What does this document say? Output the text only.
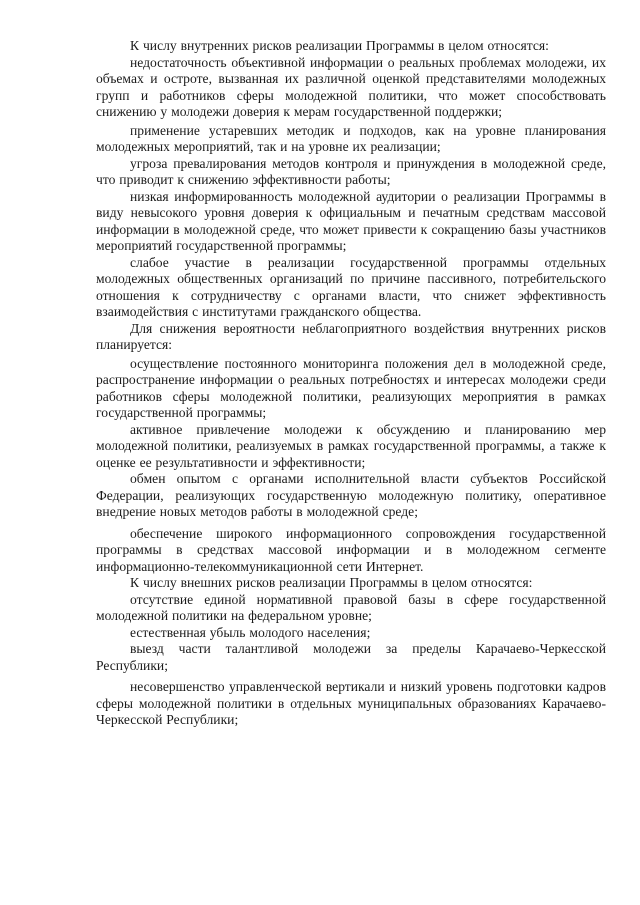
К числу внутренних рисков реализации Программы в целом относятся:

недостаточность объективной информации о реальных проблемах молодежи, их объемах и остроте, вызванная их различной оценкой представителями молодежных групп и работников сферы молодежной политики, что может способствовать снижению у молодежи доверия к мерам государственной поддержки;

применение устаревших методик и подходов, как на уровне планирования молодежных мероприятий, так и на уровне их реализации;

угроза превалирования методов контроля и принуждения в молодежной среде, что приводит к снижению эффективности работы;

низкая информированность молодежной аудитории о реализации Программы в виду невысокого уровня доверия к официальным и печатным средствам массовой информации в молодежной среде, что может привести к сокращению базы участников мероприятий государственной программы;

слабое участие в реализации государственной программы отдельных молодежных общественных организаций по причине пассивного, потребительского отношения к сотрудничеству с органами власти, что снижет эффективность взаимодействия с институтами гражданского общества.

Для снижения вероятности неблагоприятного воздействия внутренних рисков планируется:

осуществление постоянного мониторинга положения дел в молодежной среде, распространение информации о реальных потребностях и интересах молодежи среди работников сферы молодежной политики, реализующих мероприятия в рамках государственной программы;

активное привлечение молодежи к обсуждению и планированию мер молодежной политики, реализуемых в рамках государственной программы, а также к оценке ее результативности и эффективности;

обмен опытом с органами исполнительной власти субъектов Российской Федерации, реализующих государственную молодежную политику, оперативное внедрение новых методов работы в молодежной среде;

обеспечение широкого информационного сопровождения государственной программы в средствах массовой информации и в молодежном сегменте информационно-телекоммуникационной сети Интернет.

К числу внешних рисков реализации Программы в целом относятся:

отсутствие единой нормативной правовой базы в сфере государственной молодежной политики на федеральном уровне;

естественная убыль молодого населения;

выезд части талантливой молодежи за пределы Карачаево-Черкесской Республики;

несовершенство управленческой вертикали и низкий уровень подготовки кадров сферы молодежной политики в отдельных муниципальных образованиях Карачаево-Черкесской Республики;
